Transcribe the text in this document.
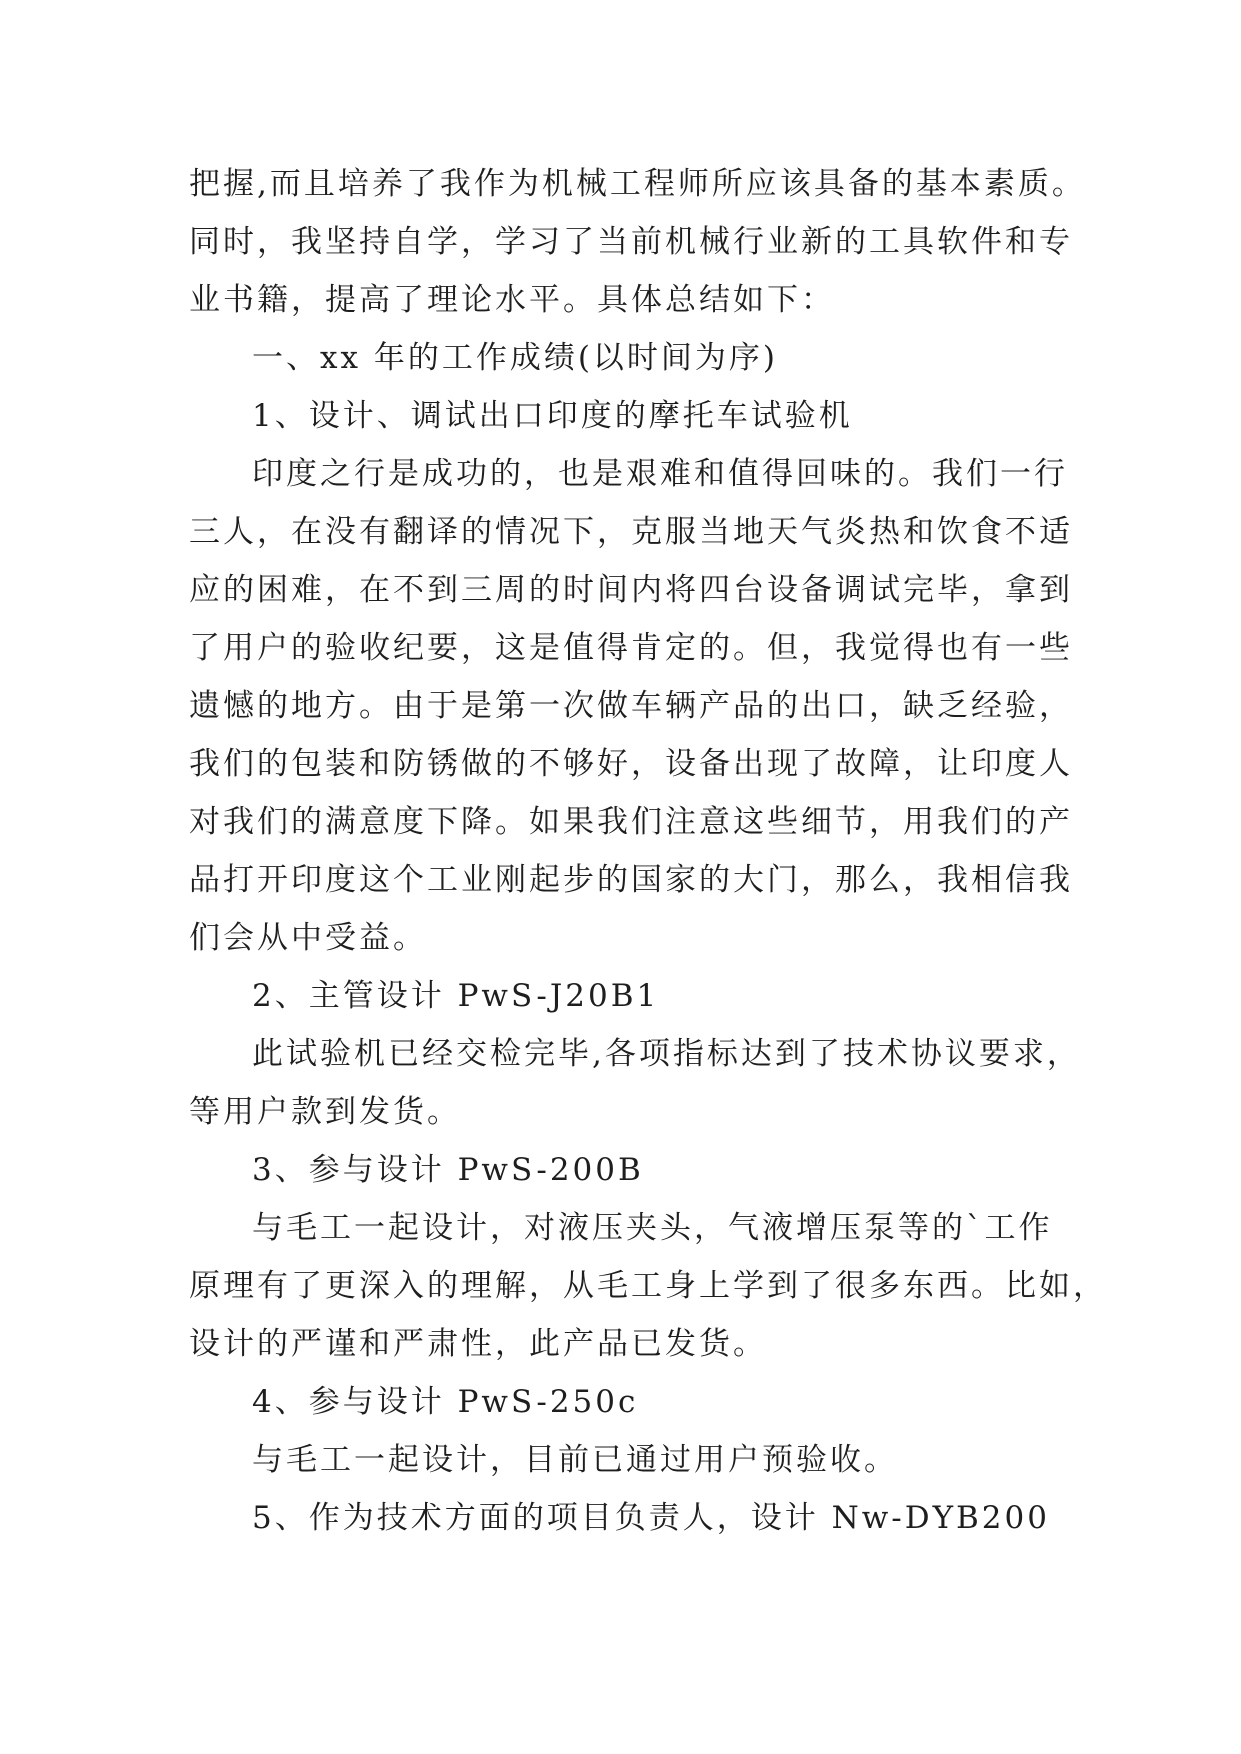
把握,而且培养了我作为机械工程师所应该具备的基本素质。

同时，我坚持自学，学习了当前机械行业新的工具软件和专

业书籍，提高了理论水平。具体总结如下：

一、xx 年的工作成绩(以时间为序)

1、设计、调试出口印度的摩托车试验机

印度之行是成功的，也是艰难和值得回味的。我们一行

三人，在没有翻译的情况下，克服当地天气炎热和饮食不适

应的困难，在不到三周的时间内将四台设备调试完毕，拿到

了用户的验收纪要，这是值得肯定的。但，我觉得也有一些

遗憾的地方。由于是第一次做车辆产品的出口，缺乏经验，

我们的包装和防锈做的不够好，设备出现了故障，让印度人

对我们的满意度下降。如果我们注意这些细节，用我们的产

品打开印度这个工业刚起步的国家的大门，那么，我相信我

们会从中受益。

2、主管设计 PwS-J20B1

此试验机已经交检完毕,各项指标达到了技术协议要求，

等用户款到发货。

3、参与设计 PwS-200B

与毛工一起设计，对液压夹头，气液增压泵等的`工作

原理有了更深入的理解，从毛工身上学到了很多东西。比如，

设计的严谨和严肃性，此产品已发货。

4、参与设计 PwS-250c

与毛工一起设计，目前已通过用户预验收。

5、作为技术方面的项目负责人，设计 Nw-DYB200
